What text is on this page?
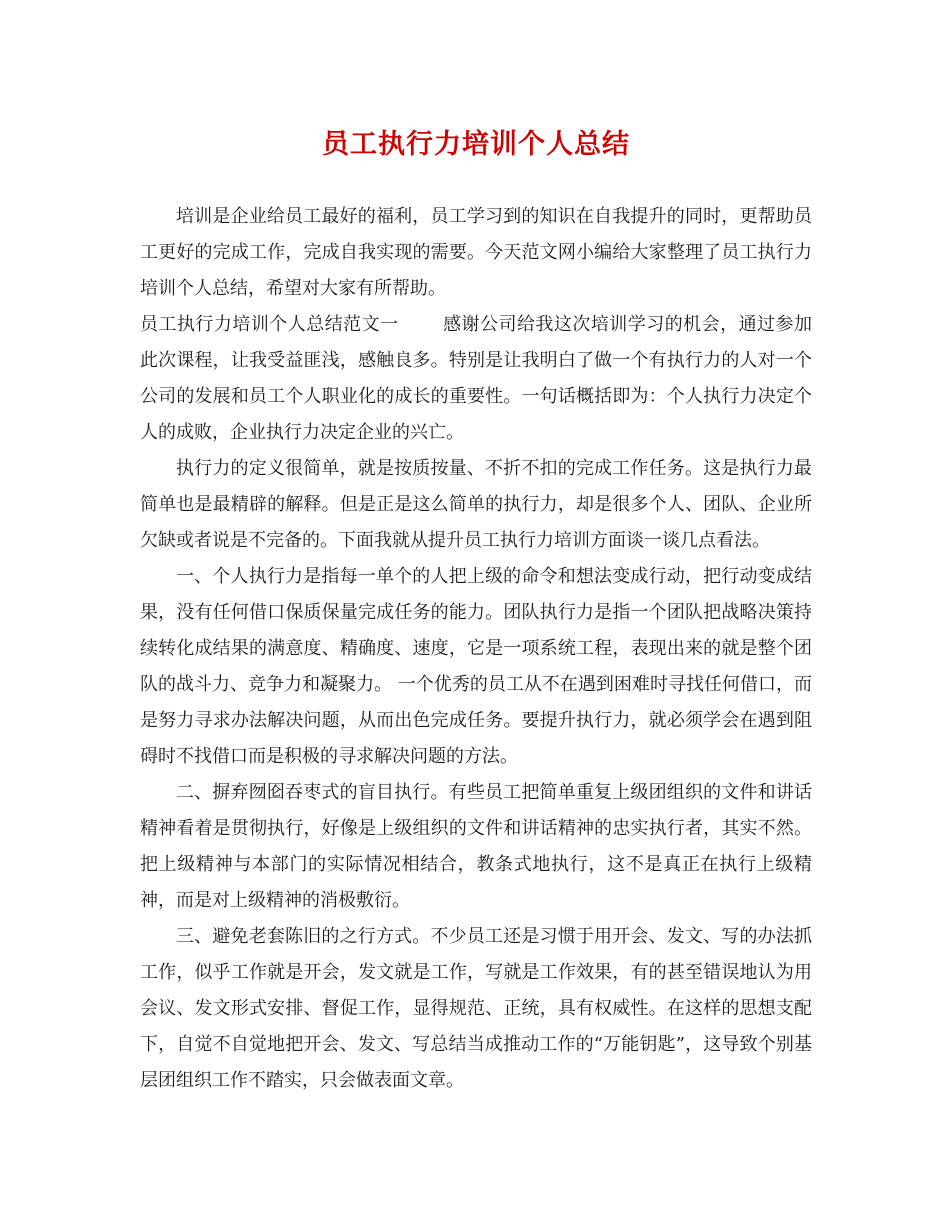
员工执行力培训个人总结

培训是企业给员工最好的福利，员工学习到的知识在自我提升的同时，更帮助员工更好的完成工作，完成自我实现的需要。今天范文网小编给大家整理了员工执行力培训个人总结，希望对大家有所帮助。

员工执行力培训个人总结范文一 感谢公司给我这次培训学习的机会，通过参加此次课程，让我受益匪浅，感触良多。特别是让我明白了做一个有执行力的人对一个公司的发展和员工个人职业化的成长的重要性。一句话概括即为：个人执行力决定个人的成败，企业执行力决定企业的兴亡。

执行力的定义很简单，就是按质按量、不折不扣的完成工作任务。这是执行力最简单也是最精辟的解释。但是正是这么简单的执行力，却是很多个人、团队、企业所欠缺或者说是不完备的。下面我就从提升员工执行力培训方面谈一谈几点看法。

一、个人执行力是指每一单个的人把上级的命令和想法变成行动，把行动变成结果，没有任何借口保质保量完成任务的能力。团队执行力是指一个团队把战略决策持续转化成结果的满意度、精确度、速度，它是一项系统工程，表现出来的就是整个团队的战斗力、竞争力和凝聚力。 一个优秀的员工从不在遇到困难时寻找任何借口，而是努力寻求办法解决问题，从而出色完成任务。要提升执行力，就必须学会在遇到阻碍时不找借口而是积极的寻求解决问题的方法。

二、摒弃囫囵吞枣式的盲目执行。有些员工把简单重复上级团组织的文件和讲话精神看着是贯彻执行，好像是上级组织的文件和讲话精神的忠实执行者，其实不然。把上级精神与本部门的实际情况相结合，教条式地执行，这不是真正在执行上级精神，而是对上级精神的消极敷衍。

三、避免老套陈旧的之行方式。不少员工还是习惯于用开会、发文、写的办法抓工作，似乎工作就是开会，发文就是工作，写就是工作效果，有的甚至错误地认为用会议、发文形式安排、督促工作，显得规范、正统，具有权威性。在这样的思想支配下，自觉不自觉地把开会、发文、写总结当成推动工作的“万能钥匙”，这导致个别基层团组织工作不踏实，只会做表面文章。
